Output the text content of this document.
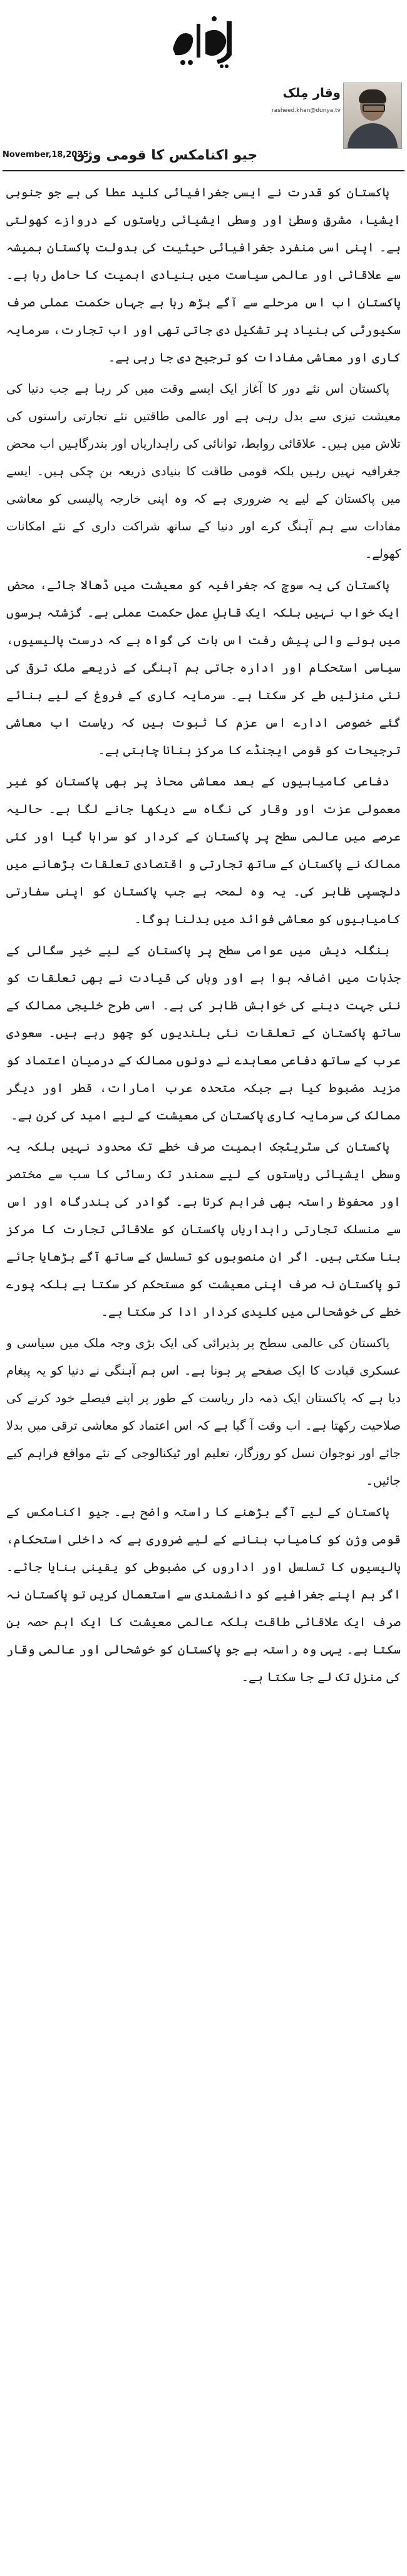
وقار مِلک
rasheed.khan@dunya.tv
November,18,2025
جیو اکنامکس کا قومی وژن

پاکستان کو قدرت نے ایسی جغرافیائی کلید عطا کی ہے جو جنوبی ایشیا، مشرقِ وسطیٰ اور وسطی ایشیائی ریاستوں کے دروازے کھولتی ہے۔ اپنی اسی منفرد جغرافیائی حیثیت کی بدولت پاکستان ہمیشہ سے علاقائی اور عالمی سیاست میں بنیادی اہمیت کا حامل رہا ہے۔ پاکستان اب اس مرحلے سے آگے بڑھ رہا ہے جہاں حکمت عملی صرف سکیورٹی کی بنیاد پر تشکیل دی جاتی تھی اور اب تجارت، سرمایہ کاری اور معاشی مفادات کو ترجیح دی جا رہی ہے۔

پاکستان اس نئے دور کا آغاز ایک ایسے وقت میں کر رہا ہے جب دنیا کی معیشت تیزی سے بدل رہی ہے اور عالمی طاقتیں نئے تجارتی راستوں کی تلاش میں ہیں۔ علاقائی روابط، توانائی کی راہداریاں اور بندرگاہیں اب محض جغرافیہ نہیں رہیں بلکہ قومی طاقت کا بنیادی ذریعہ بن چکی ہیں۔ ایسے میں پاکستان کے لیے یہ ضروری ہے کہ وہ اپنی خارجہ پالیسی کو معاشی مفادات سے ہم آہنگ کرے اور دنیا کے ساتھ شراکت داری کے نئے امکانات کھولے۔

پاکستان کی یہ سوچ کہ جغرافیہ کو معیشت میں ڈھالا جائے، محض ایک خواب نہیں بلکہ ایک قابلِ عمل حکمت عملی ہے۔ گزشتہ برسوں میں ہونے والی پیش رفت اس بات کی گواہ ہے کہ درست پالیسیوں، سیاسی استحکام اور ادارہ جاتی ہم آہنگی کے ذریعے ملک ترقی کی نئی منزلیں طے کر سکتا ہے۔ سرمایہ کاری کے فروغ کے لیے بنائے گئے خصوصی ادارے اس عزم کا ثبوت ہیں کہ ریاست اب معاشی ترجیحات کو قومی ایجنڈے کا مرکز بنانا چاہتی ہے۔

دفاعی کامیابیوں کے بعد معاشی محاذ پر بھی پاکستان کو غیر معمولی عزت اور وقار کی نگاہ سے دیکھا جانے لگا ہے۔ حالیہ عرصے میں عالمی سطح پر پاکستان کے کردار کو سراہا گیا اور کئی ممالک نے پاکستان کے ساتھ تجارتی و اقتصادی تعلقات بڑھانے میں دلچسپی ظاہر کی۔ یہ وہ لمحہ ہے جب پاکستان کو اپنی سفارتی کامیابیوں کو معاشی فوائد میں بدلنا ہوگا۔

بنگلہ دیش میں عوامی سطح پر پاکستان کے لیے خیر سگالی کے جذبات میں اضافہ ہوا ہے اور وہاں کی قیادت نے بھی تعلقات کو نئی جہت دینے کی خواہش ظاہر کی ہے۔ اسی طرح خلیجی ممالک کے ساتھ پاکستان کے تعلقات نئی بلندیوں کو چھو رہے ہیں۔ سعودی عرب کے ساتھ دفاعی معاہدے نے دونوں ممالک کے درمیان اعتماد کو مزید مضبوط کیا ہے جبکہ متحدہ عرب امارات، قطر اور دیگر ممالک کی سرمایہ کاری پاکستان کی معیشت کے لیے امید کی کرن ہے۔

پاکستان کی سٹریٹجک اہمیت صرف خطے تک محدود نہیں بلکہ یہ وسطی ایشیائی ریاستوں کے لیے سمندر تک رسائی کا سب سے مختصر اور محفوظ راستہ بھی فراہم کرتا ہے۔ گوادر کی بندرگاہ اور اس سے منسلک تجارتی راہداریاں پاکستان کو علاقائی تجارت کا مرکز بنا سکتی ہیں۔ اگر ان منصوبوں کو تسلسل کے ساتھ آگے بڑھایا جائے تو پاکستان نہ صرف اپنی معیشت کو مستحکم کر سکتا ہے بلکہ پورے خطے کی خوشحالی میں کلیدی کردار ادا کر سکتا ہے۔

پاکستان کی عالمی سطح پر پذیرائی کی ایک بڑی وجہ ملک میں سیاسی و عسکری قیادت کا ایک صفحے پر ہونا ہے۔ اس ہم آہنگی نے دنیا کو یہ پیغام دیا ہے کہ پاکستان ایک ذمہ دار ریاست کے طور پر اپنے فیصلے خود کرنے کی صلاحیت رکھتا ہے۔ اب وقت آ گیا ہے کہ اس اعتماد کو معاشی ترقی میں بدلا جائے اور نوجوان نسل کو روزگار، تعلیم اور ٹیکنالوجی کے نئے مواقع فراہم کیے جائیں۔

پاکستان کے لیے آگے بڑھنے کا راستہ واضح ہے۔ جیو اکنامکس کے قومی وژن کو کامیاب بنانے کے لیے ضروری ہے کہ داخلی استحکام، پالیسیوں کا تسلسل اور اداروں کی مضبوطی کو یقینی بنایا جائے۔ اگر ہم اپنے جغرافیے کو دانشمندی سے استعمال کریں تو پاکستان نہ صرف ایک علاقائی طاقت بلکہ عالمی معیشت کا ایک اہم حصہ بن سکتا ہے۔ یہی وہ راستہ ہے جو پاکستان کو خوشحالی اور عالمی وقار کی منزل تک لے جا سکتا ہے۔
